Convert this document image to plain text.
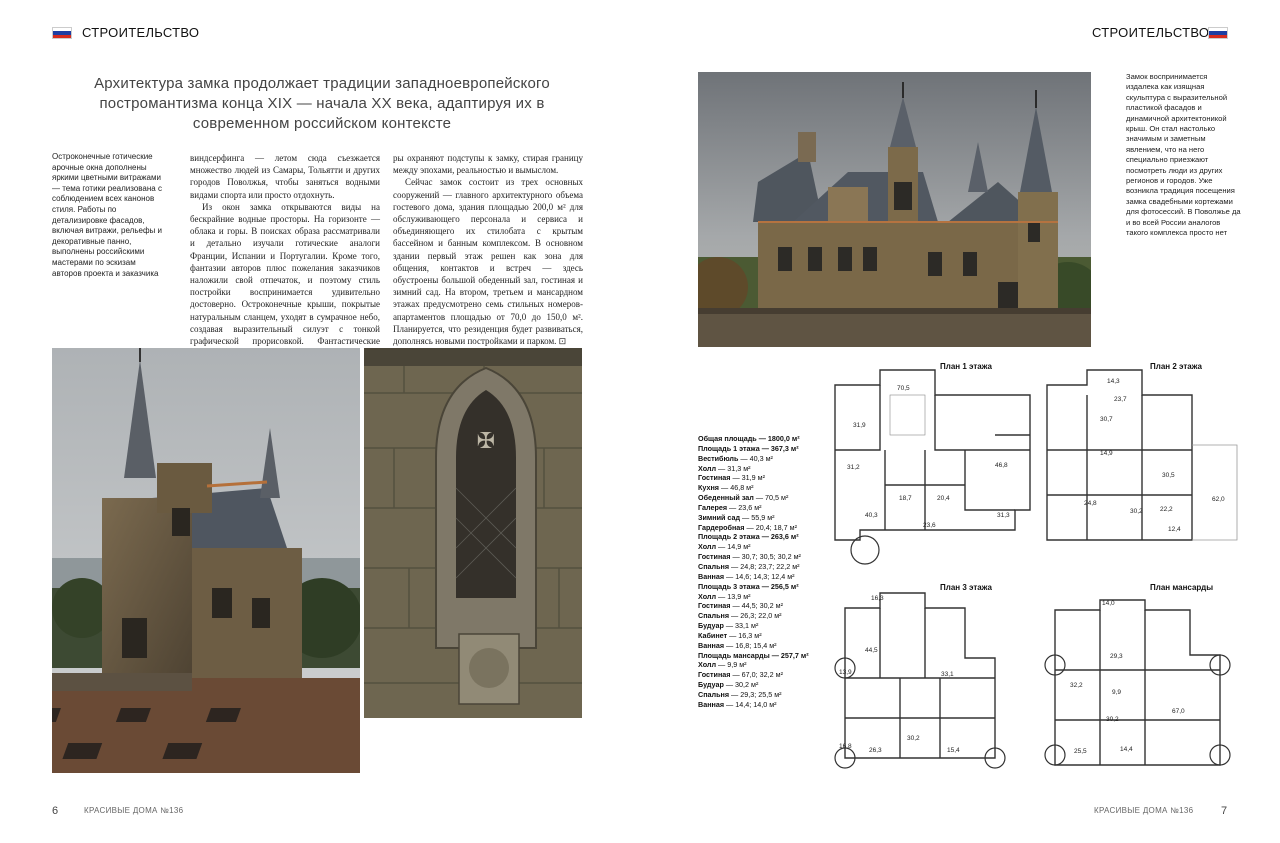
СТРОИТЕЛЬСТВО
Архитектура замка продолжает традиции западноевропейского постромантизма конца XIX — начала XX века, адаптируя их в современном российском контексте
Остроконечные готические арочные окна дополнены яркими цветными витражами — тема готики реализована с соблюдением всех канонов стиля. Работы по детализировке фасадов, включая витражи, рельефы и декоративные панно, выполнены российскими мастерами по эскизам авторов проекта и заказчика

виндсерфинга — летом сюда съезжается множество людей из Самары, Тольятти и других городов Поволжья, чтобы заняться водными видами спорта или просто отдохнуть.

Из окон замка открываются виды на бескрайние водные просторы. На горизонте — облака и горы. В поисках образа рассматривали и детально изучали готические аналоги Франции, Испании и Португалии. Кроме того, фантазии авторов плюс пожелания заказчиков наложили свой отпечаток, и поэтому стиль постройки воспринимается удивительно достоверно. Остроконечные крыши, покрытые натуральным сланцем, уходят в сумрачное небо, создавая выразительный силуэт с тонкой графической прорисовкой. Фантастические

ры охраняют подступы к замку, стирая границу между эпохами, реальностью и вымыслом.

Сейчас замок состоит из трех основных сооружений — главного архитектурного объема гостевого дома, здания площадью 200,0 м² для обслуживающего персонала и сервиса и объединяющего их стилобата с крытым бассейном и банным комплексом. В основном здании первый этаж решен как зона для общения, контактов и встреч — здесь обустроены большой обеденный зал, гостиная и зимний сад. На втором, третьем и мансардном этажах предусмотрено семь стильных номеров-апартаментов площадью от 70,0 до 150,0 м². Планируется, что резиденция будет развиваться, дополнясь новыми постройками и парком. ⊡

✠
6	КРАСИВЫЕ ДОМА №136
СТРОИТЕЛЬСТВО
Замок воспринимается издалека как изящная скульптура с выразительной пластикой фасадов и динамичной архитектоникой крыш. Он стал настолько значимым и заметным явлением, что на него специально приезжают посмотреть люди из других регионов и городов. Уже возникла традиция посещения замка свадебными кортежами для фотосессий. В Поволжье да и во всей России аналогов такого комплекса просто нет
План 1 этажа	План 2 этажа
План 3 этажа	План мансарды
70,5
31,9
31,2	46,8
18,7	20,4
40,3
23,6
31,3
14,3
23,7
30,7
14,9
30,5
24,8
30,2	22,2
12,4
62,0
16,3
44,5
13,9	33,1
16,8
26,3
30,2
15,4
14,0
29,3
32,2
9,9
67,0
30,2
25,5	14,4
Общая площадь — 1800,0 м²
Площадь 1 этажа — 367,3 м²
Вестибюль — 40,3 м²
Холл — 31,3 м²
Гостиная — 31,9 м²
Кухня — 46,8 м²
Обеденный зал — 70,5 м²
Галерея — 23,6 м²
Зимний сад — 55,9 м²
Гардеробная — 20,4; 18,7 м²
Площадь 2 этажа — 263,6 м²
Холл — 14,9 м²
Гостиная — 30,7; 30,5; 30,2 м²
Спальня — 24,8; 23,7; 22,2 м²
Ванная — 14,6; 14,3; 12,4 м²
Площадь 3 этажа — 256,5 м²
Холл — 13,9 м²
Гостиная — 44,5; 30,2 м²
Спальня — 26,3; 22,0 м²
Будуар — 33,1 м²
Кабинет — 16,3 м²
Ванная — 16,8; 15,4 м²
Площадь мансарды — 257,7 м²
Холл — 9,9 м²
Гостиная — 67,0; 32,2 м²
Будуар — 30,2 м²
Спальня — 29,3; 25,5 м²
Ванная — 14,4; 14,0 м²
КРАСИВЫЕ ДОМА №136	7
